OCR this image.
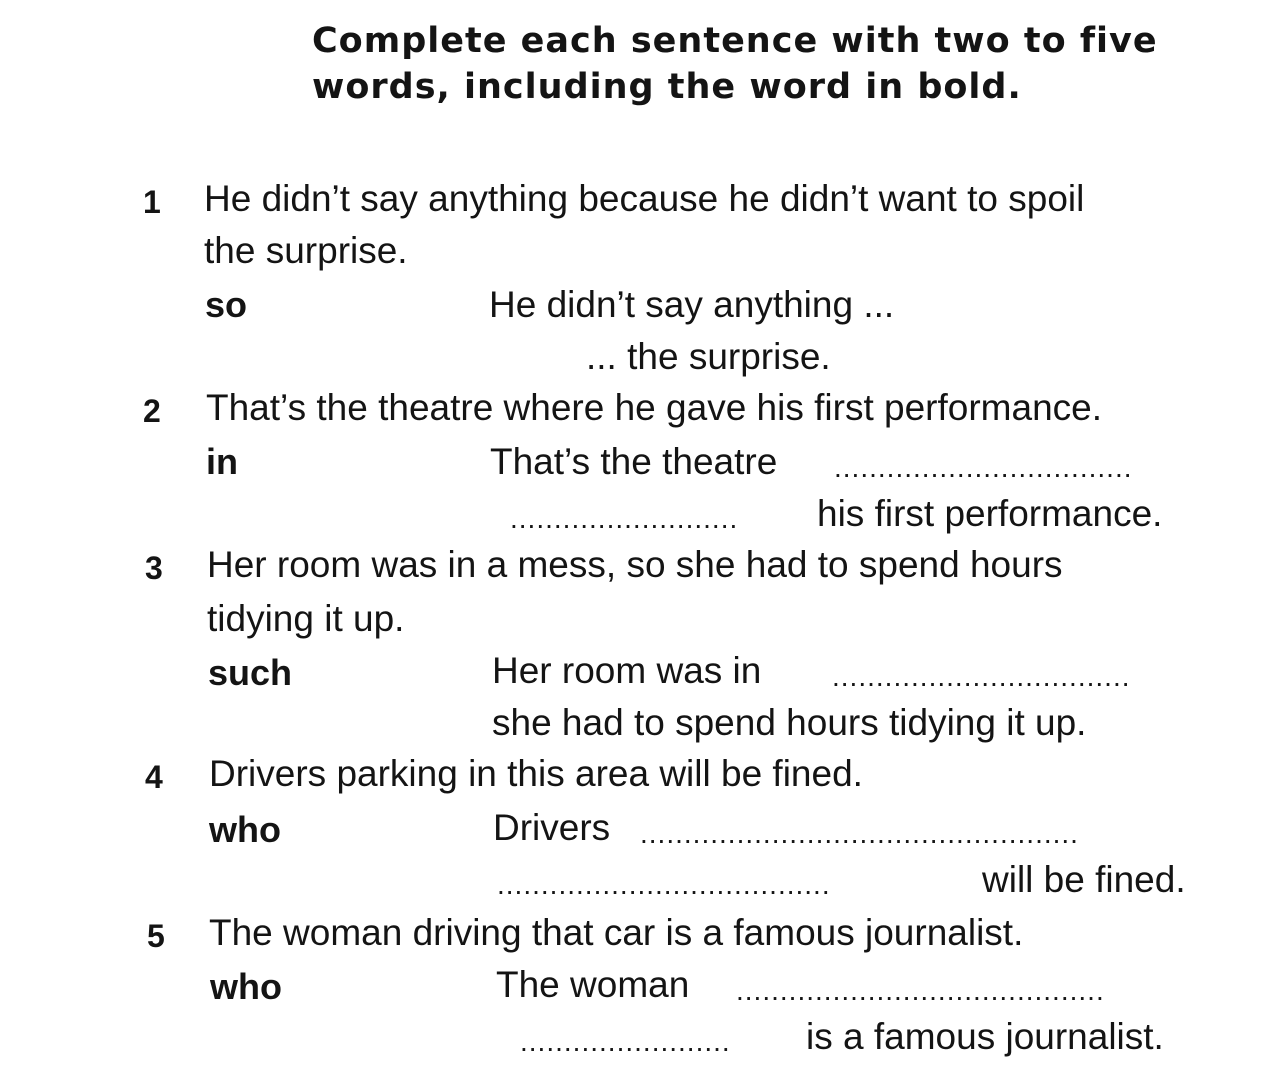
Complete each sentence with two to five
words, including the word in bold.
1 He didn’t say anything because he didn’t want to spoil
the surprise.
so	He didn’t say anything ...
... the surprise.
2 That’s the theatre where he gave his first performance.
in	That’s the theatre ..................................
..........................	his first performance.
3 Her room was in a mess, so she had to spend hours
tidying it up.
such	Her room was in	..................................
she had to spend hours tidying it up.
4 Drivers parking in this area will be fined.
who	Drivers ..................................................
......................................	will be fined.
5 The woman driving that car is a famous journalist.
who	The woman ..........................................
........................	is a famous journalist.
